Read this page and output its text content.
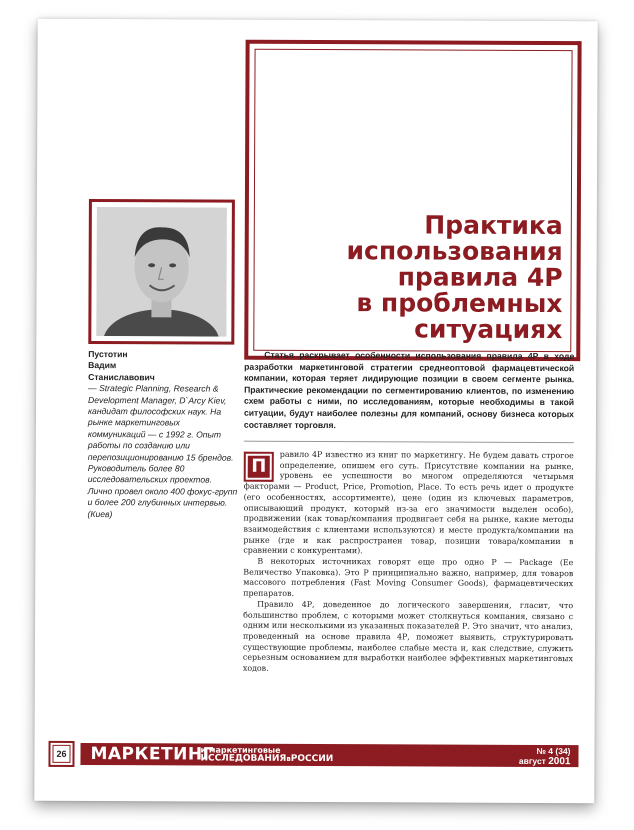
Практика
использования
правила 4Р
в проблемных
ситуациях
Пустотин
Вадим
Станиславович
— Strategic Planning, Research & Development Manager, D`Arcy Kiev, кандидат философских наук. На рынке маркетинговых коммуникаций — с 1992 г. Опыт работы по созданию или перепозиционированию 15 брендов. Руководитель более 80 исследовательских проектов. Лично провел около 400 фокус-групп и более 200 глубинных интервью.
(Киев)

Статья раскрывает особенности использования правила 4Р в ходе разработки маркетинговой стратегии среднеоптовой фармацевтической компании, которая теряет лидирующие позиции в своем сегменте рынка. Практические рекомендации по сегментированию клиентов, по изменению схем работы с ними, по исследованиям, которые необходимы в такой ситуации, будут наиболее полезны для компаний, основу бизнеса которых составляет торговля.

П

равило 4Р известно из книг по маркетингу. Не будем давать строгое определение, опишем его суть. Присутствие компании на рынке, уровень ее успешности во многом определяются четырьмя факторами — Product, Price, Promotion, Place. То есть речь идет о продукте (его особенностях, ассортименте), цене (один из ключевых параметров, описывающий продукт, который из-за его значимости выделен особо), продвижении (как товар/компания продвигает себя на рынке, какие методы взаимодействия с клиентами используются) и месте продукта/компании на рынке (где и как распространен товар, позиции товара/компании в сравнении с конкурентами).

В некоторых источниках говорят еще про одно Р — Package (Ее Величество Упаковка). Это Р принципиально важно, например, для товаров массового потребления (Fast Moving Consumer Goods), фармацевтических препаратов.

Правило 4Р, доведенное до логического завершения, гласит, что большинство проблем, с которыми может столкнуться компания, связано с одним или несколькими из указанных показателей Р. Это значит, что анализ, проведенный на основе правила 4Р, поможет выявить, структурировать существующие проблемы, наиболее слабые места и, как следствие, служить серьезным основанием для выработки наиболее эффективных маркетинговых ходов.

26 МАРКЕТИНГ
и маркетинговые
ИССЛЕДОВАНИЯвРОССИИ
№ 4 (34)
август 2001
